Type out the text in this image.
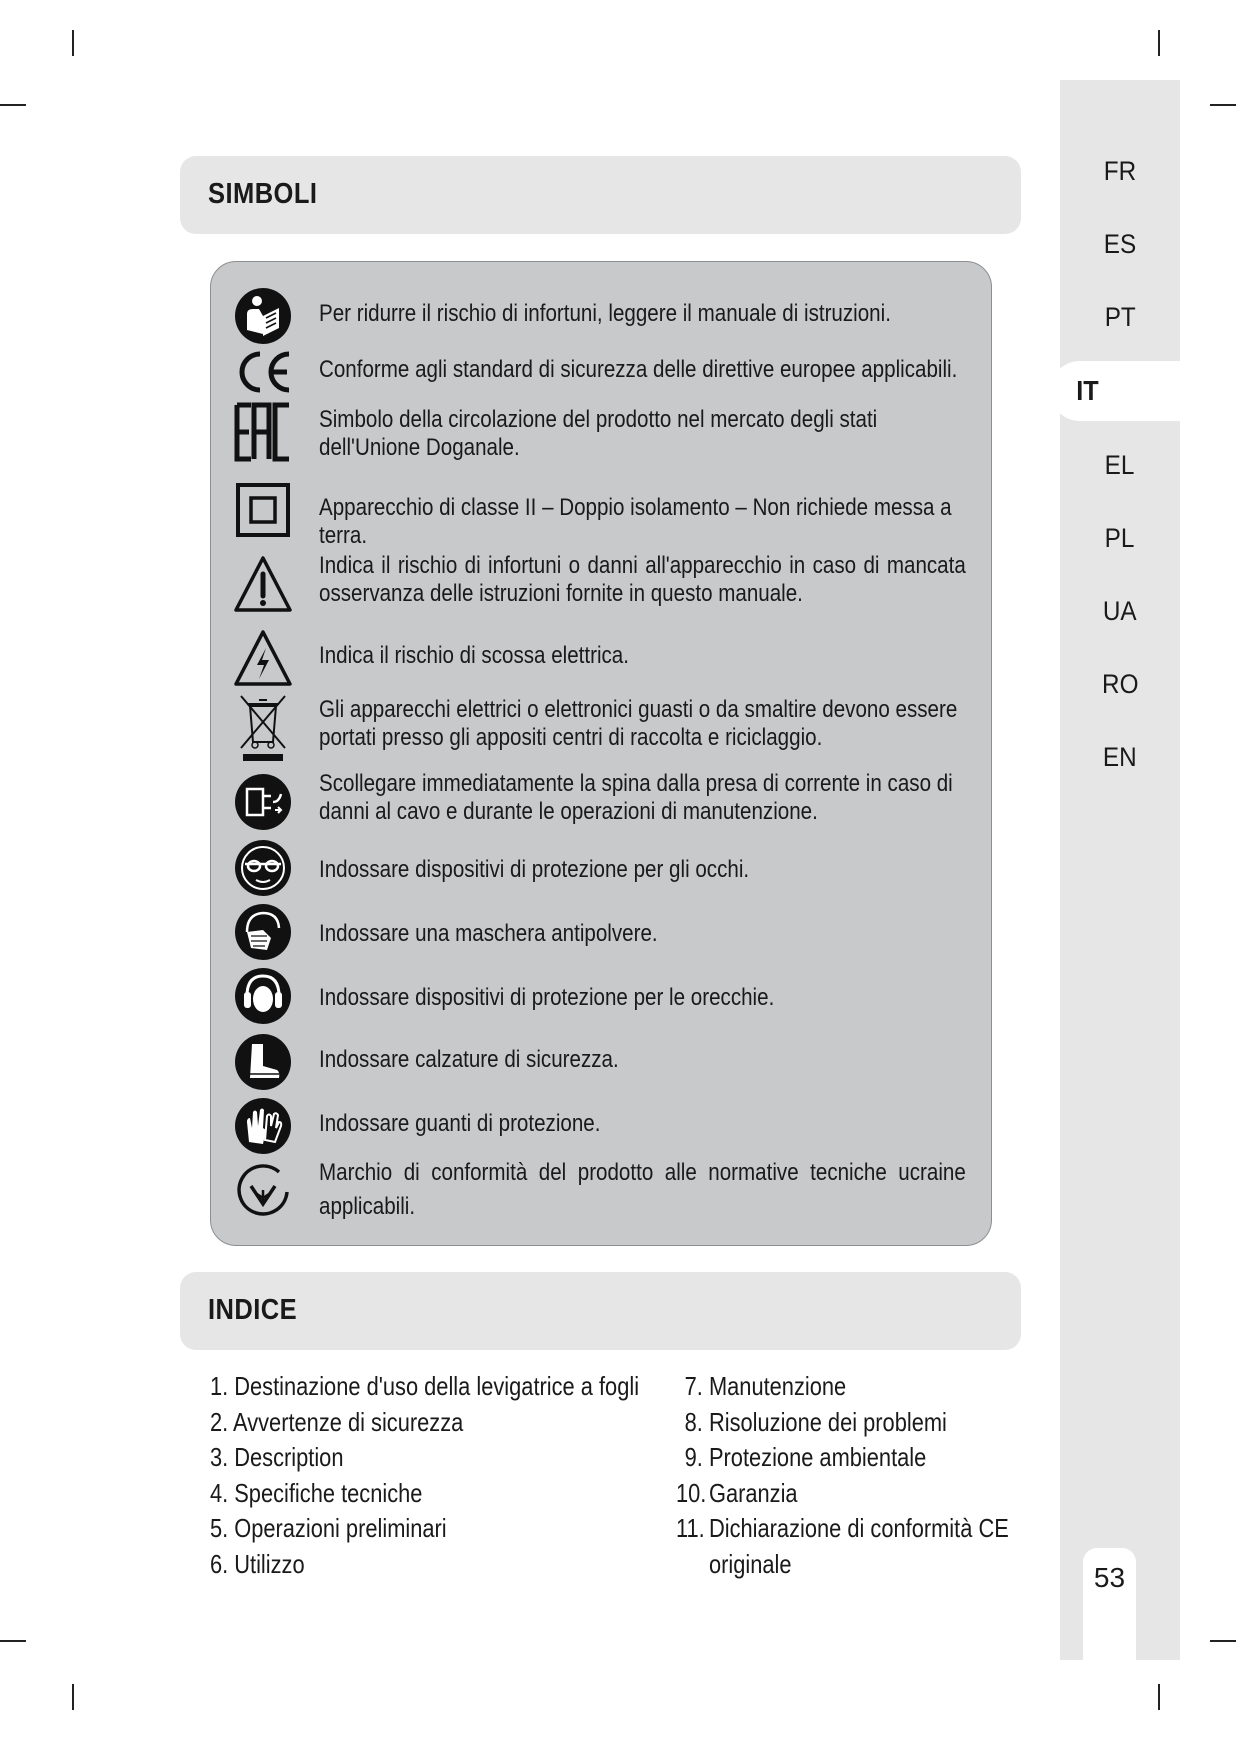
FR
ES
PT
IT
EL
PL
UA
RO
EN
53
SIMBOLI
Per ridurre il rischio di infortuni, leggere il manuale di istruzioni.
Conforme agli standard di sicurezza delle direttive europee applicabili.
Simbolo della circolazione del prodotto nel mercato degli stati dell'Unione Doganale.
Apparecchio di classe II – Doppio isolamento – Non richiede messa a terra.
Indica il rischio di infortuni o danni all'apparecchio in caso di mancata osservanza delle istruzioni fornite in questo manuale.
Indica il rischio di scossa elettrica.
Gli apparecchi elettrici o elettronici guasti o da smaltire devono essere portati presso gli appositi centri di raccolta e riciclaggio.
Scollegare immediatamente la spina dalla presa di corrente in caso di danni al cavo e durante le operazioni di manutenzione.
Indossare dispositivi di protezione per gli occhi.
Indossare una maschera antipolvere.
Indossare dispositivi di protezione per le orecchie.
Indossare calzature di sicurezza.
Indossare guanti di protezione.
Marchio di conformità del prodotto alle normative tecniche ucraine applicabili.
INDICE
1. Destinazione d'uso della levigatrice a fogli
2. Avvertenze di sicurezza
3. Description
4. Specifiche tecniche
5. Operazioni preliminari
6. Utilizzo
7. Manutenzione
8. Risoluzione dei problemi
9. Protezione ambientale
10. Garanzia
11. Dichiarazione di conformità CE
originale
